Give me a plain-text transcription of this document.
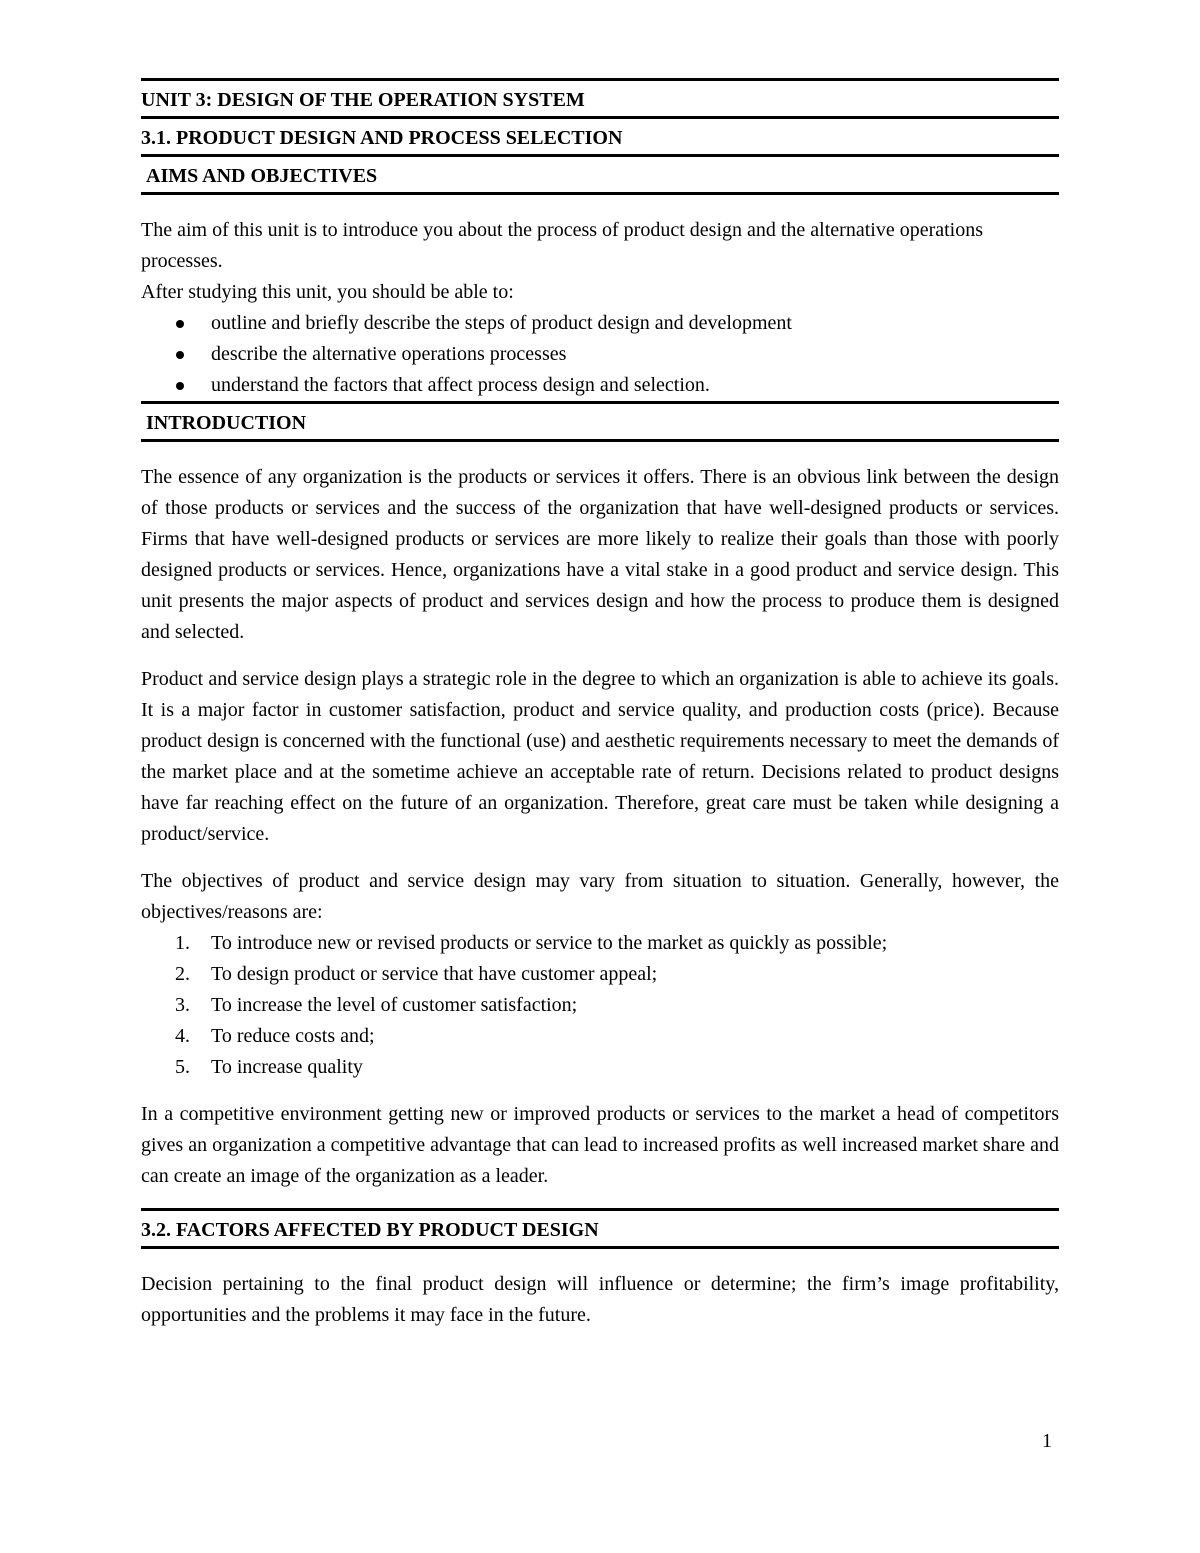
UNIT 3: DESIGN OF THE OPERATION SYSTEM
3.1. PRODUCT DESIGN AND PROCESS SELECTION
AIMS AND OBJECTIVES

The aim of this unit is to introduce you about the process of product design and the alternative operations processes.

After studying this unit, you should be able to:

outline and briefly describe the steps of product design and development
describe the alternative operations processes
understand the factors that affect process design and selection.
INTRODUCTION

The essence of any organization is the products or services it offers. There is an obvious link between the design of those products or services and the success of the organization that have well-designed products or services. Firms that have well-designed products or services are more likely to realize their goals than those with poorly designed products or services. Hence, organizations have a vital stake in a good product and service design. This unit presents the major aspects of product and services design and how the process to produce them is designed and selected.

Product and service design plays a strategic role in the degree to which an organization is able to achieve its goals. It is a major factor in customer satisfaction, product and service quality, and production costs (price). Because product design is concerned with the functional (use) and aesthetic requirements necessary to meet the demands of the market place and at the sometime achieve an acceptable rate of return. Decisions related to product designs have far reaching effect on the future of an organization. Therefore, great care must be taken while designing a product/service.

The objectives of product and service design may vary from situation to situation. Generally, however, the objectives/reasons are:

1. To introduce new or revised products or service to the market as quickly as possible;
2. To design product or service that have customer appeal;
3. To increase the level of customer satisfaction;
4. To reduce costs and;
5. To increase quality

In a competitive environment getting new or improved products or services to the market a head of competitors gives an organization a competitive advantage that can lead to increased profits as well increased market share and can create an image of the organization as a leader.

3.2. FACTORS AFFECTED BY PRODUCT DESIGN

Decision pertaining to the final product design will influence or determine; the firm’s image profitability, opportunities and the problems it may face in the future.

1
